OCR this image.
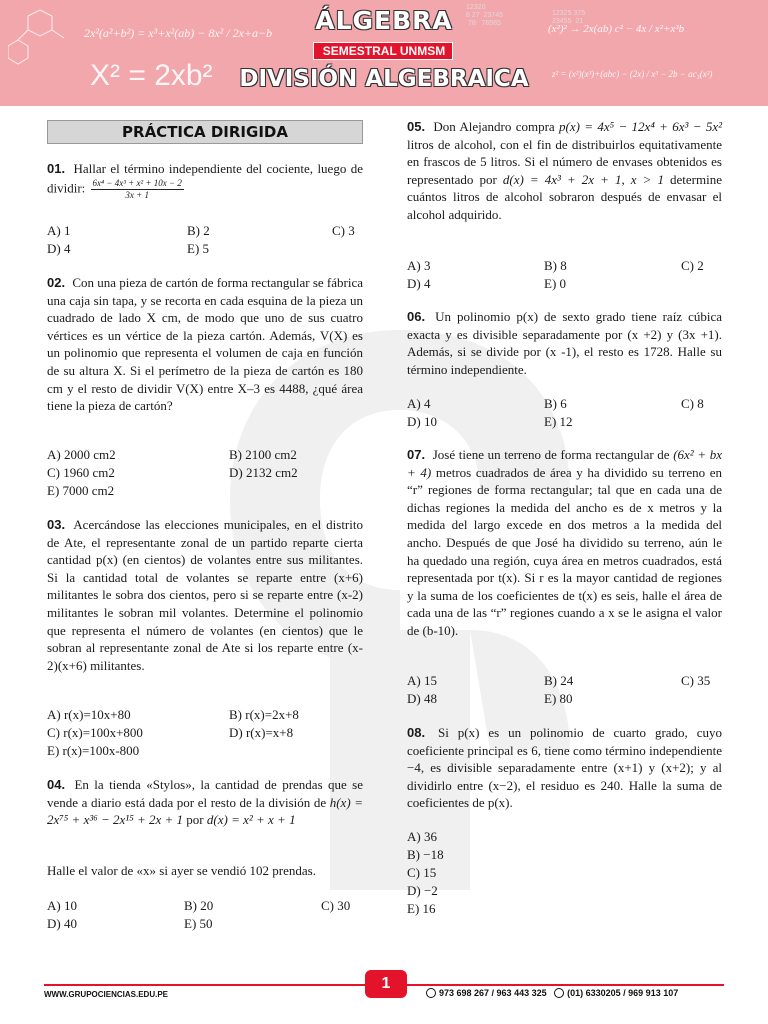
2x²(a²+b²) = x³+x²(ab) − 8x² / 2x+a−b
X² = 2xb²
(x²)² → 2x(ab) c² − 4x / x²+x³b
z² = (x²)(x³)+(abc) − (2x) / x³ − 2b − ac₃(x²)
12320
8 27  23745
78   76565
12325 375
23455  21
ÁLGEBRA
SEMESTRAL UNMSM
DIVISIÓN ALGEBRAICA
PRÁCTICA DIRIGIDA
01. Hallar el término independiente del cociente, luego de dividir: $\frac{\text{6x⁴ − 4x³ + x² + 10x − 2}}{3x + 1}$
A) 1	B) 2	C) 3
D) 4	E) 5
02. Con una pieza de cartón de forma rectangular se fábrica una caja sin tapa, y se recorta en cada esquina de la pieza un cuadrado de lado X cm, de modo que uno de sus cuatro vértices es un vértice de la pieza cartón. Además, V(X) es un polinomio que representa el volumen de caja en función de su altura X. Si el perímetro de la pieza de cartón es 180 cm y el resto de dividir V(X) entre X–3 es 4488, ¿qué área tiene la pieza de cartón?
A) 2000 cm2	B) 2100 cm2
C) 1960 cm2	D) 2132 cm2
E) 7000 cm2
03. Acercándose las elecciones municipales, en el distrito de Ate, el representante zonal de un partido reparte cierta cantidad p(x) (en cientos) de volantes entre sus militantes. Si la cantidad total de volantes se reparte entre (x+6) militantes le sobra dos cientos, pero si se reparte entre (x-2) militantes le sobran mil volantes. Determine el polinomio que representa el número de volantes (en cientos) que le sobran al representante zonal de Ate si los reparte entre (x-2)(x+6) militantes.
A) r(x)=10x+80	B) r(x)=2x+8
C) r(x)=100x+800	D) r(x)=x+8
E) r(x)=100x-800
04. En la tienda «Stylos», la cantidad de prendas que se vende a diario está dada por el resto de la división de h(x) = 2x⁷⁵ + x³⁶ − 2x¹⁵ + 2x + 1 por d(x) = x² + x + 1
Halle el valor de «x» si ayer se vendió 102 prendas.
A) 10	B) 20	C) 30
D) 40	E) 50
05. Don Alejandro compra p(x) = 4x⁵ − 12x⁴ + 6x³ − 5x² litros de alcohol, con el fin de distribuirlos equitativamente en frascos de 5 litros. Si el número de envases obtenidos es representado por d(x) = 4x³ + 2x + 1, x > 1 determine cuántos litros de alcohol sobraron después de envasar el alcohol adquirido.
A) 3	B) 8	C) 2
D) 4	E) 0
06. Un polinomio p(x) de sexto grado tiene raíz cúbica exacta y es divisible separadamente por (x +2) y (3x +1). Además, si se divide por (x -1), el resto es 1728. Halle su término independiente.
A) 4	B) 6	C) 8
D) 10	E) 12
07. José tiene un terreno de forma rectangular de (6x² + bx + 4) metros cuadrados de área y ha dividido su terreno en “r” regiones de forma rectangular; tal que en cada una de dichas regiones la medida del ancho es de x metros y la medida del largo excede en dos metros a la medida del ancho. Después de que José ha dividido su terreno, aún le ha quedado una región, cuya área en metros cuadrados, está representada por t(x). Si r es la mayor cantidad de regiones y la suma de los coeficientes de t(x) es seis, halle el área de cada una de las “r” regiones cuando a x se le asigna el valor de (b-10).
A) 15	B) 24	C) 35
D) 48	E) 80
08. Si p(x) es un polinomio de cuarto grado, cuyo coeficiente principal es 6, tiene como término independiente −4, es divisible separadamente entre (x+1) y (x+2); y al dividirlo entre (x−2), el residuo es 240. Halle la suma de coeficientes de p(x).
A) 36
B) −18
C) 15
D) −2
E) 16
1
WWW.GRUPOCIENCIAS.EDU.PE	973 698 267 / 963 443 325 (01) 6330205 / 969 913 107
